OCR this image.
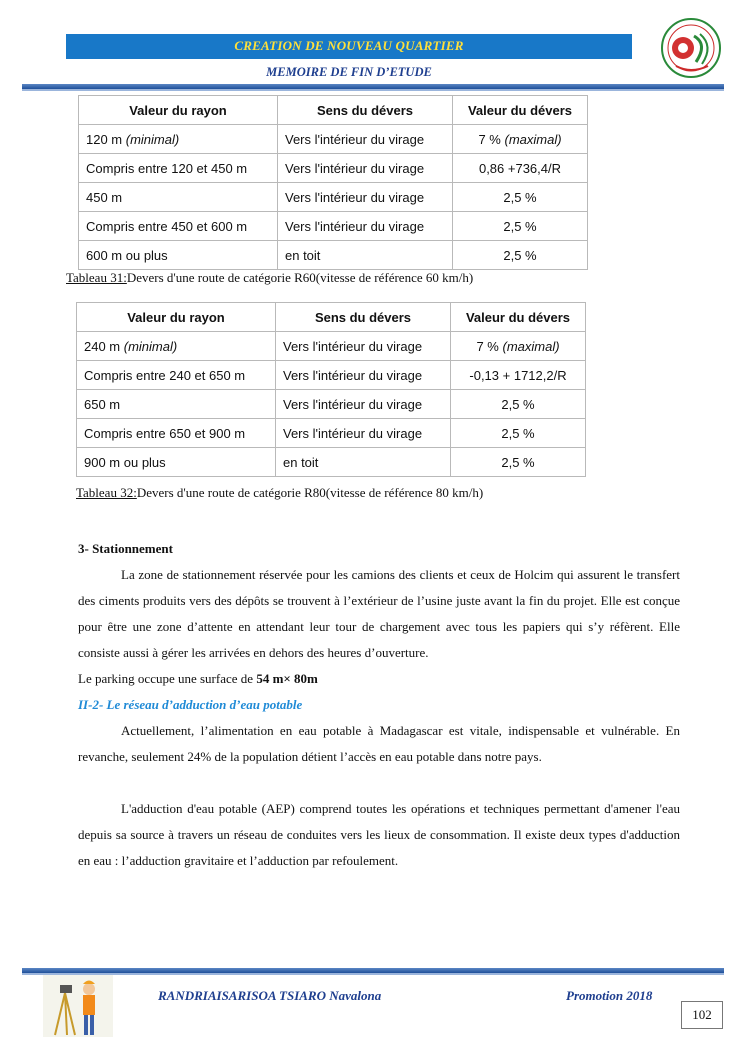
CREATION DE NOUVEAU QUARTIER
MEMOIRE DE FIN D’ETUDE
Valeur du rayon	Sens du dévers	Valeur du dévers
120 m (minimal)	Vers l'intérieur du virage	7 % (maximal)
Compris entre 120 et 450 m	Vers l'intérieur du virage	0,86 +736,4/R
450 m	Vers l'intérieur du virage	2,5 %
Compris entre 450 et 600 m	Vers l'intérieur du virage	2,5 %
600 m ou plus	en toit	2,5 %
Tableau 31:Devers d'une route de catégorie R60(vitesse de référence 60 km/h)
Valeur du rayon	Sens du dévers	Valeur du dévers
240 m (minimal)	Vers l'intérieur du virage	7 % (maximal)
Compris entre 240 et 650 m	Vers l'intérieur du virage	-0,13 + 1712,2/R
650 m	Vers l'intérieur du virage	2,5 %
Compris entre 650 et 900 m	Vers l'intérieur du virage	2,5 %
900 m ou plus	en toit	2,5 %
Tableau 32:Devers d'une route de catégorie R80(vitesse de référence 80 km/h)
3- Stationnement
La zone de stationnement réservée pour les camions des clients et ceux de Holcim qui assurent le transfert des ciments produits vers des dépôts se trouvent à l’extérieur de l’usine juste avant la fin du projet. Elle est conçue pour être une zone d’attente en attendant leur tour de chargement avec tous les papiers qui s’y réfèrent. Elle consiste aussi à gérer les arrivées en dehors des heures d’ouverture.
Le parking occupe une surface de 54 m× 80m
II-2- Le réseau d’adduction d’eau potable
Actuellement, l’alimentation en eau potable à Madagascar est vitale, indispensable et vulnérable. En revanche, seulement 24% de la population détient l’accès en eau potable dans notre pays.
L'adduction d'eau potable (AEP) comprend toutes les opérations et techniques permettant d'amener l'eau depuis sa source à travers un réseau de conduites vers les lieux de consommation. Il existe deux types d'adduction en eau : l’adduction gravitaire et l’adduction par refoulement.
RANDRIAISARISOA TSIARO Navalona	Promotion 2018
102
